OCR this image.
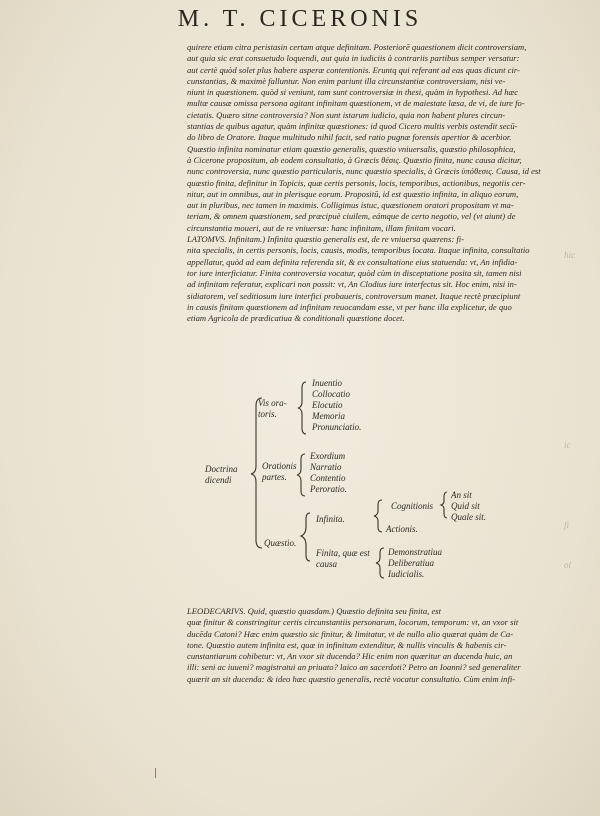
M. T. CICERONIS

quirere etiam citra peristasin certam atque definitam. Posteriorē quaestionem dicit controversiam,

aut quia sic erat consuetudo loquendi, aut quia in iudiciis à contrariis partibus semper versatur:

aut certè quòd solet plus habere asperæ contentionis. Eruntq qui referant ad eas quas dicunt cir-

cunstantias, & maximè falluntur. Non enim pariunt illa circunstantiæ controversiam, nisi ve-

niunt in quæstionem. quòd si veniunt, tam sunt controversiæ in thesi, quàm in hypothesi. Ad hæc

multæ causæ omissa persona agitant infinitam quæstionem, vt de maiestate læsa, de vi, de iure fo-

cietatis. Quæro sitne controversia? Non sunt istarum iudicio, quia non habent plures circun-

stantias de quibus agatur, quàm infinitæ quæstiones: id quod Cicero multis verbis ostendit secū-

do libro de Oratore. Itaque multitudo nihil facit, sed ratio pugnæ forensis apertior & acerbior.

Quæstio infinita nominatur etiam quæstio generalis, quæstio vniuersalis, quæstio philosophica,

à Cicerone propositum, ab eodem consultatio, à Græcis θέσις. Quæstio finita, nunc causa dicitur,

nunc controversia, nunc quæstio particularis, nunc quæstio specialis, à Græcis ὑπόθεσις. Causa, id est

quæstio finita, definitur in Topicis, quæ certis personis, locis, temporibus, actionibus, negotiis cer-

nitur, aut in omnibus, aut in plerisque eorum. Propositū, id est quæstio infinita, in aliquo eorum,

aut in pluribus, nec tamen in maximis. Colligimus istuc, quæstionem oratori propositam vt ma-

teriam, & omnem quæstionem, sed præcipuè ciuilem, eámque de certo negotio, vel (vt aiunt) de

circunstantia moueri, aut de re vniuersæ: hanc infinitam, illam finitam vocari.

LATOMVS. Infinitam.) Infinita quæstio generalis est, de re vniuersa quærens: fi-

nita specialis, in certis personis, locis, causis, modis, temporibus locata. Itaque infinita, consultatio

appellatur, quòd ad eam definita referenda sit, & ex consultatione eius statuenda: vt, An infidia-

tor iure interficiatur. Finita controversia vocatur, quòd cùm in disceptatione posita sit, tamen nisi

ad infinitam referatur, explicari non possit: vt, An Clodius iure interfectus sit. Hoc enim, nisi in-

sidiatorem, vel seditiosum iure interfici probaueris, controversum manet. Itaque rectè præcipiunt

in causis finitam quæstionem ad infinitam reuocandam esse, vt per hanc illa explicetur, de quo

etiam Agricola de prædicatiua & conditionali quæstione docet.

Doctrina dicendi
Vis ora- toris.
Inuentio
Collocatio
Elocutio
Memoria
Pronunciatio.
Orationis partes.
Exordium
Narratio
Contentio
Peroratio.
Quæstio.
Infinita.
Cognitionis
An sit
Quid sit
Quale sit.
Actionis.
Finita, quæ est causa
Demonstratiua
Deliberatiua
Iudicialis.

LEODECARIVS. Quid, quæstio quasdam.) Quæstio definita seu finita, est

quæ finitur & constringitur certis circunstantiis personarum, locorum, temporum: vt, an vxor sit

ducēda Catoni? Hæc enim quæstio sic finitur, & limitatur, vt de nullo alio quærat quàm de Ca-

tone. Quæstio autem infinita est, quæ in infinitum extenditur, & nullis vinculis & habenis cir-

cunstantiarum cohibetur: vt, An vxor sit ducenda? Hic enim non quæritur an ducenda huic, an

illi: seni ac iuueni? magistratui an priuato? laico an sacerdoti? Petro an Ioanni? sed generaliter

quærit an sit ducenda: & ideo hæc quæstio generalis, rectè vocatur consultatio. Cùm enim infi-

hic
ic
fi
ol
